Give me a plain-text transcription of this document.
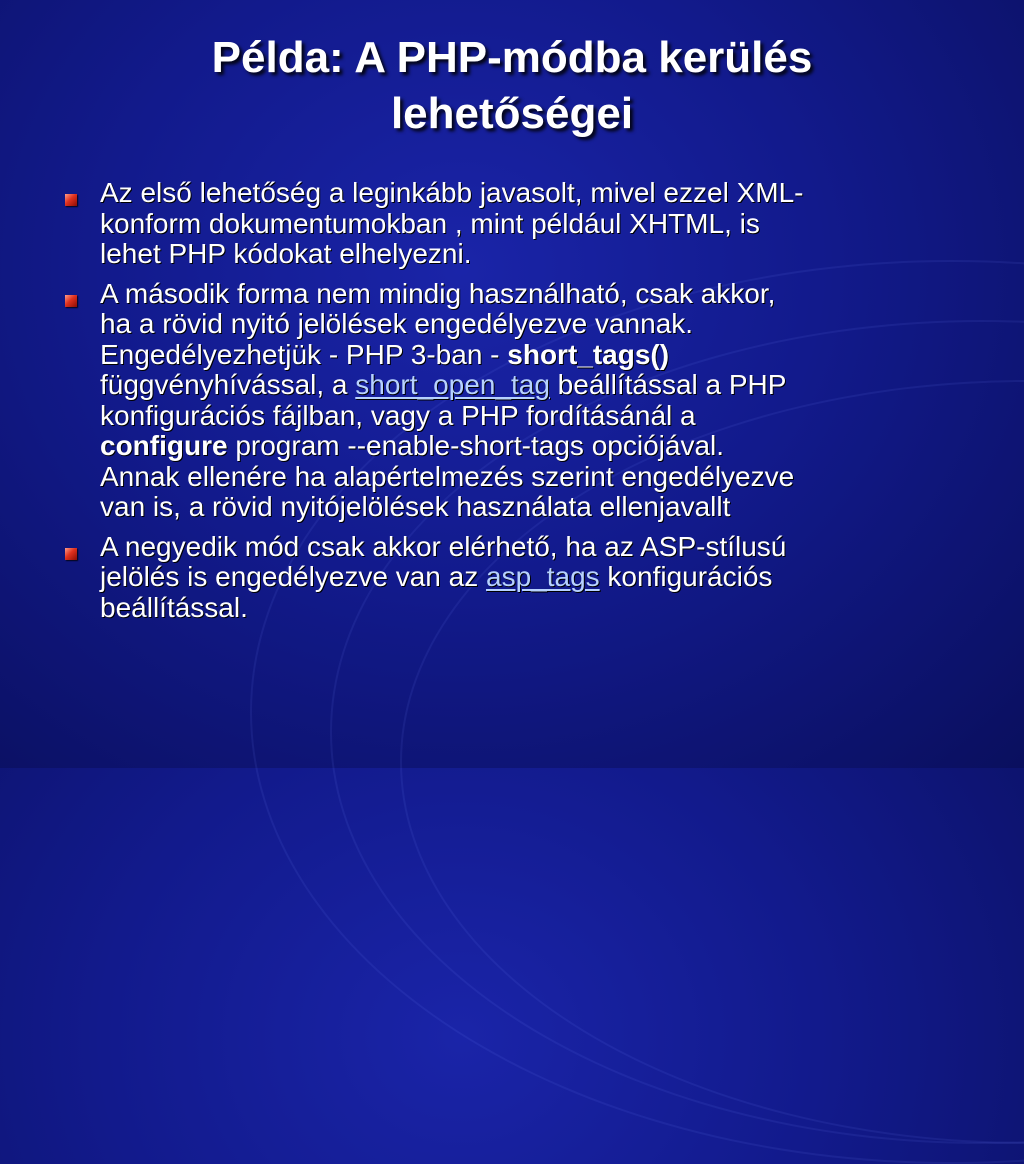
Példa: A PHP-módba kerülés
lehetőségei
Az első lehetőség a leginkább javasolt, mivel ezzel XML-
konform dokumentumokban , mint például XHTML, is
lehet PHP kódokat elhelyezni.
A második forma nem mindig használható, csak akkor,
ha a rövid nyitó jelölések engedélyezve vannak.
Engedélyezhetjük - PHP 3-ban - short_tags()
függvényhívással, a short_open_tag beállítással a PHP
konfigurációs fájlban, vagy a PHP fordításánál a
configure program --enable-short-tags opciójával.
Annak ellenére ha alapértelmezés szerint engedélyezve
van is, a rövid nyitójelölések használata ellenjavallt
A negyedik mód csak akkor elérhető, ha az ASP-stílusú
jelölés is engedélyezve van az asp_tags konfigurációs
beállítással.
